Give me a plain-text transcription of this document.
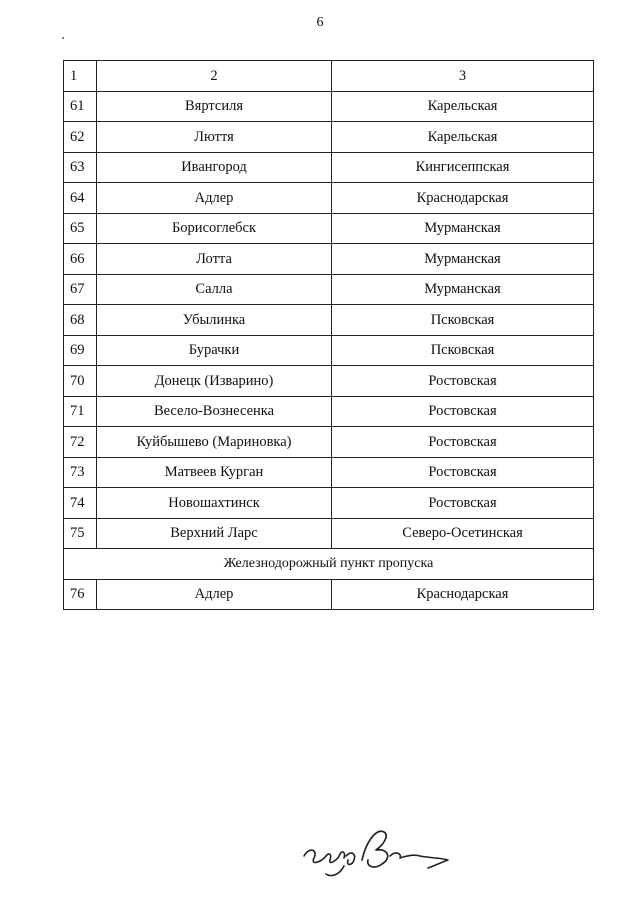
6
1	2	3
61	Вяртсиля	Карельская
62	Люття	Карельская
63	Ивангород	Кингисеппская
64	Адлер	Краснодарская
65	Борисоглебск	Мурманская
66	Лотта	Мурманская
67	Салла	Мурманская
68	Убылинка	Псковская
69	Бурачки	Псковская
70	Донецк (Изварино)	Ростовская
71	Весело-Вознесенка	Ростовская
72	Куйбышево (Мариновка)	Ростовская
73	Матвеев Курган	Ростовская
74	Новошахтинск	Ростовская
75	Верхний Ларс	Северо-Осетинская
Железнодорожный пункт пропуска		
76	Адлер	Краснодарская
